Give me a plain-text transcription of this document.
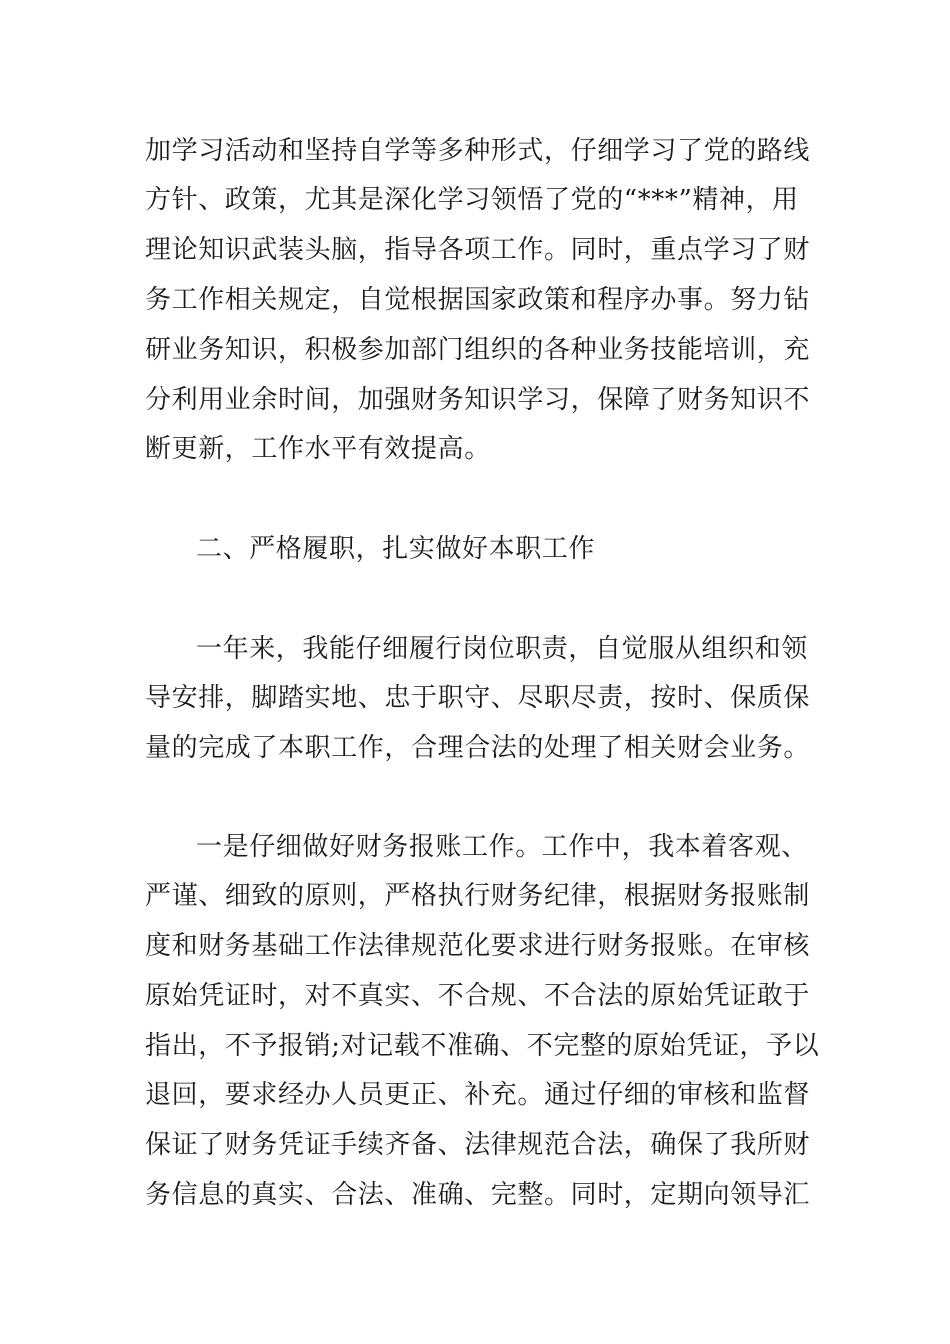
加学习活动和坚持自学等多种形式，仔细学习了党的路线

方针、政策，尤其是深化学习领悟了党的“***”精神，用

理论知识武装头脑，指导各项工作。同时，重点学习了财

务工作相关规定，自觉根据国家政策和程序办事。努力钻

研业务知识，积极参加部门组织的各种业务技能培训，充

分利用业余时间，加强财务知识学习，保障了财务知识不

断更新，工作水平有效提高。

二、严格履职，扎实做好本职工作

一年来，我能仔细履行岗位职责，自觉服从组织和领

导安排，脚踏实地、忠于职守、尽职尽责，按时、保质保

量的完成了本职工作，合理合法的处理了相关财会业务。

一是仔细做好财务报账工作。工作中，我本着客观、

严谨、细致的原则，严格执行财务纪律，根据财务报账制

度和财务基础工作法律规范化要求进行财务报账。在审核

原始凭证时，对不真实、不合规、不合法的原始凭证敢于

指出，不予报销;对记载不准确、不完整的原始凭证，予以

退回，要求经办人员更正、补充。通过仔细的审核和监督

保证了财务凭证手续齐备、法律规范合法，确保了我所财

务信息的真实、合法、准确、完整。同时，定期向领导汇
